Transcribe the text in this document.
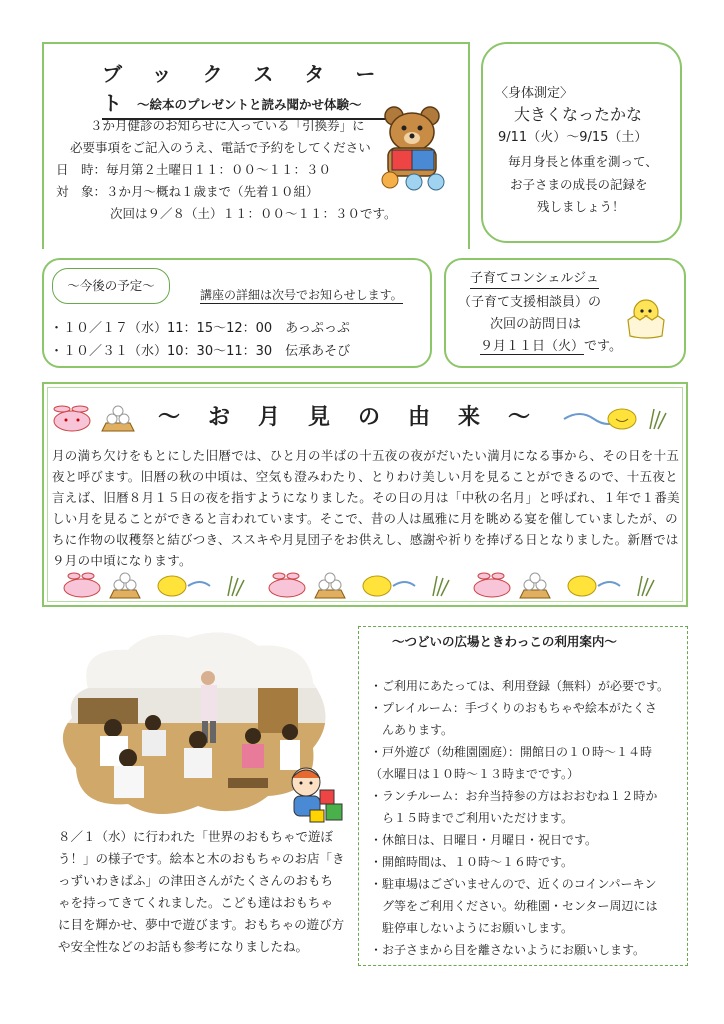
ブックスタート
～絵本のプレゼントと読み聞かせ体験～
３か月健診のお知らせに入っている「引換券」に
必要事項をご記入のうえ、電話で予約をしてください
日　時：毎月第２土曜日１１：００～１１：３０
対　象：３か月～概ね１歳まで（先着１０組）
次回は９／８（土）１１：００～１１：３０です。
〈身体測定〉
大きくなったかな
9/11（火）～9/15（土）
毎月身長と体重を測って、
お子さまの成長の記録を
残しましょう！
～今後の予定～
講座の詳細は次号でお知らせします。
・１０／１７（水）11：15～12：00　あっぷっぷ
・１０／３１（水）10：30～11：30　伝承あそび
子育てコンシェルジュ
（子育て支援相談員）の
次回の訪問日は
９月１１日（火）です。
～お月見の由来～
月の満ち欠けをもとにした旧暦では、ひと月の半ばの十五夜の夜がだいたい満月になる事から、その日を十五夜と呼びます。旧暦の秋の中頃は、空気も澄みわたり、とりわけ美しい月を見ることができるので、十五夜と言えば、旧暦８月１５日の夜を指すようになりました。その日の月は「中秋の名月」と呼ばれ、１年で１番美しい月を見ることができると言われています。そこで、昔の人は風雅に月を眺める宴を催していましたが、のちに作物の収穫祭と結びつき、ススキや月見団子をお供えし、感謝や祈りを捧げる日となりました。新暦では９月の中頃になります。
８／１（水）に行われた「世界のおもちゃで遊ぼ
う！」の様子です。絵本と木のおもちゃのお店「き
っずいわきぱふ」の津田さんがたくさんのおもち
ゃを持ってきてくれました。こども達はおもちゃ
に目を輝かせ、夢中で遊びます。おもちゃの遊び方
や安全性などのお話も参考になりましたね。
～つどいの広場ときわっこの利用案内～
・ご利用にあたっては、利用登録（無料）が必要です。
・プレイルーム：手づくりのおもちゃや絵本がたくさ
　んあります。
・戸外遊び（幼稚園園庭）：開館日の１０時～１４時
（水曜日は１０時～１３時までです。）
・ランチルーム：お弁当持参の方はおおむね１２時か
　ら１５時までご利用いただけます。
・休館日は、日曜日・月曜日・祝日です。
・開館時間は、１０時～１６時です。
・駐車場はございませんので、近くのコインパーキン
　グ等をご利用ください。幼稚園・センター周辺には
　駐停車しないようにお願いします。
・お子さまから目を離さないようにお願いします。
